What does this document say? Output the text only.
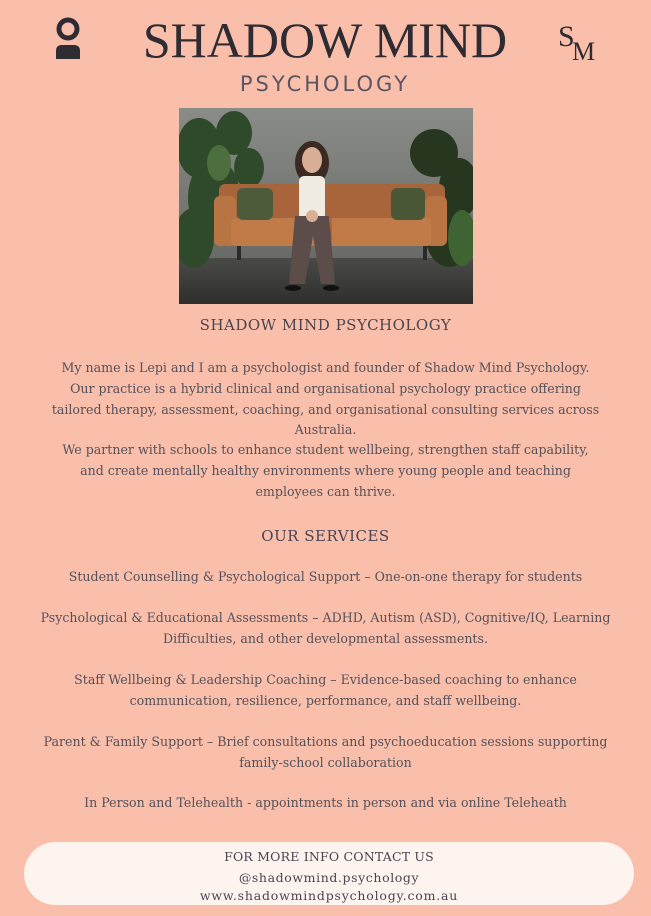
SHADOW MIND
PSYCHOLOGY
S
M
SHADOW MIND PSYCHOLOGY
My name is Lepi and I am a psychologist and founder of Shadow Mind Psychology. Our practice is a hybrid clinical and organisational psychology practice offering tailored therapy, assessment, coaching, and organisational consulting services across Australia.
We partner with schools to enhance student wellbeing, strengthen staff capability, and create mentally healthy environments where young people and teaching employees can thrive.
OUR SERVICES
Student Counselling & Psychological Support – One-on-one therapy for students
Psychological & Educational Assessments – ADHD, Autism (ASD), Cognitive/IQ, Learning Difficulties, and other developmental assessments.
Staff Wellbeing & Leadership Coaching – Evidence-based coaching to enhance communication, resilience, performance, and staff wellbeing.
Parent & Family Support – Brief consultations and psychoeducation sessions supporting family-school collaboration
In Person and Telehealth - appointments in person and via online Teleheath
FOR MORE INFO CONTACT US
@shadowmind.psychology
www.shadowmindpsychology.com.au
